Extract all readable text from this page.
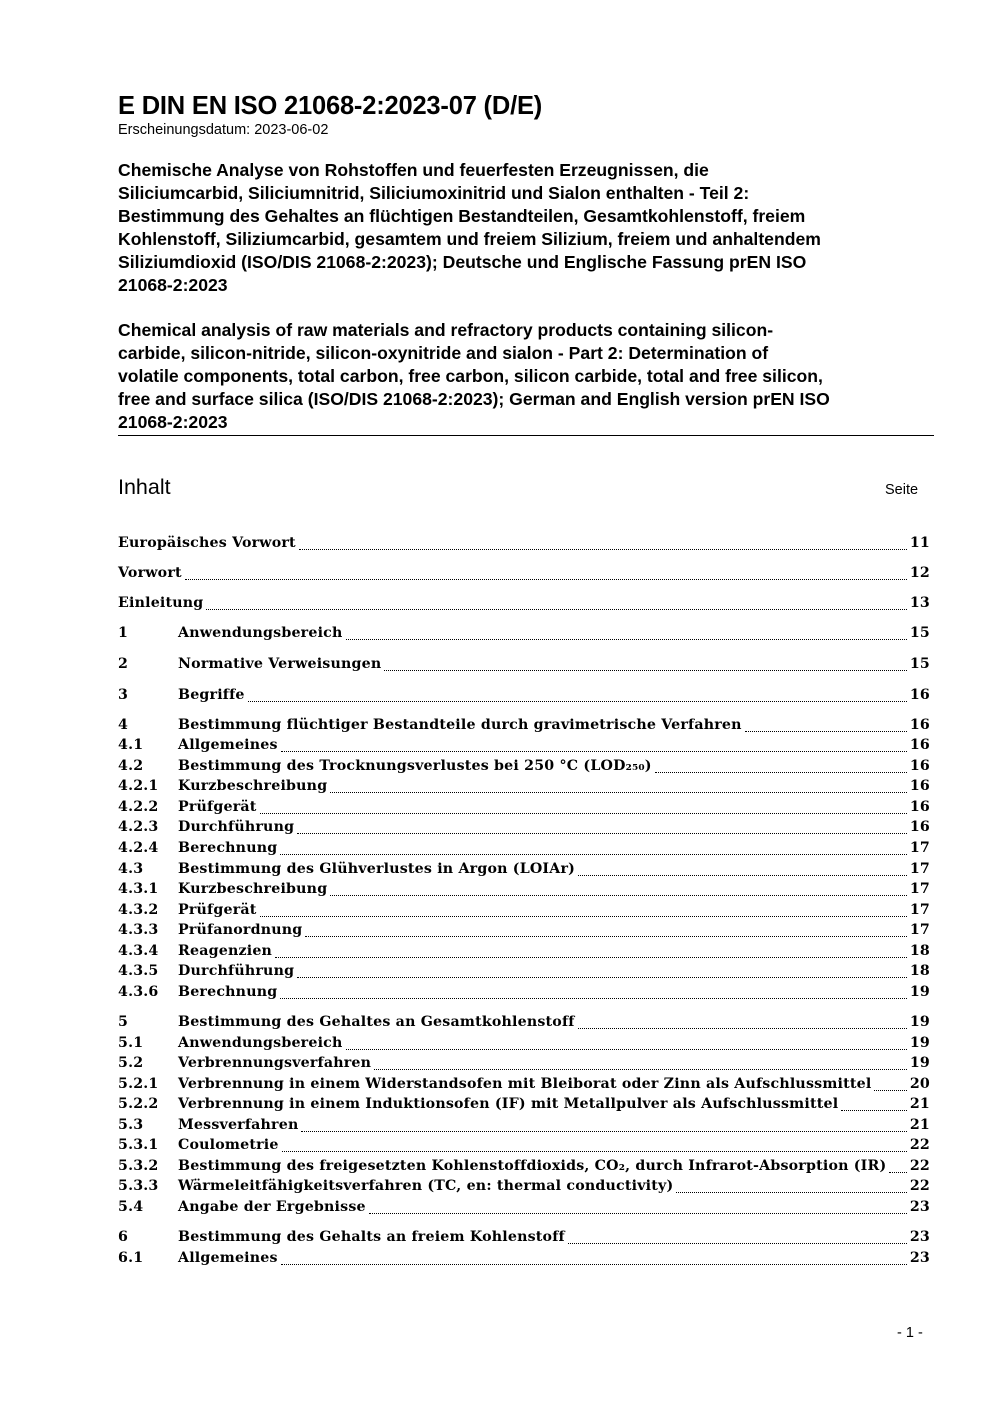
E DIN EN ISO 21068-2:2023-07 (D/E)
Erscheinungsdatum: 2023-06-02
Chemische Analyse von Rohstoffen und feuerfesten Erzeugnissen, die
Siliciumcarbid, Siliciumnitrid, Siliciumoxinitrid und Sialon enthalten - Teil 2:
Bestimmung des Gehaltes an flüchtigen Bestandteilen, Gesamtkohlenstoff, freiem
Kohlenstoff, Siliziumcarbid, gesamtem und freiem Silizium, freiem und anhaltendem
Siliziumdioxid (ISO/DIS 21068-2:2023); Deutsche und Englische Fassung prEN ISO
21068-2:2023
Chemical analysis of raw materials and refractory products containing silicon-
carbide, silicon-nitride, silicon-oxynitride and sialon - Part 2: Determination of
volatile components, total carbon, free carbon, silicon carbide, total and free silicon,
free and surface silica (ISO/DIS 21068-2:2023); German and English version prEN ISO
21068-2:2023
Inhalt	Seite
Europäisches Vorwort	11
Vorwort	12
Einleitung	13
1	Anwendungsbereich	15
2	Normative Verweisungen	15
3	Begriffe	16
4	Bestimmung flüchtiger Bestandteile durch gravimetrische Verfahren	16
4.1	Allgemeines	16
4.2	Bestimmung des Trocknungsverlustes bei 250 °C (LOD₂₅₀)	16
4.2.1	Kurzbeschreibung	16
4.2.2	Prüfgerät	16
4.2.3	Durchführung	16
4.2.4	Berechnung	17
4.3	Bestimmung des Glühverlustes in Argon (LOIAr)	17
4.3.1	Kurzbeschreibung	17
4.3.2	Prüfgerät	17
4.3.3	Prüfanordnung	17
4.3.4	Reagenzien	18
4.3.5	Durchführung	18
4.3.6	Berechnung	19
5	Bestimmung des Gehaltes an Gesamtkohlenstoff	19
5.1	Anwendungsbereich	19
5.2	Verbrennungsverfahren	19
5.2.1	Verbrennung in einem Widerstandsofen mit Bleiborat oder Zinn als Aufschlussmittel	20
5.2.2	Verbrennung in einem Induktionsofen (IF) mit Metallpulver als Aufschlussmittel	21
5.3	Messverfahren	21
5.3.1	Coulometrie	22
5.3.2	Bestimmung des freigesetzten Kohlenstoffdioxids, CO₂, durch Infrarot-Absorption (IR) 22
5.3.3	Wärmeleitfähigkeitsverfahren (TC, en: thermal conductivity)	22
5.4	Angabe der Ergebnisse	23
6	Bestimmung des Gehalts an freiem Kohlenstoff	23
6.1	Allgemeines	23
- 1 -
